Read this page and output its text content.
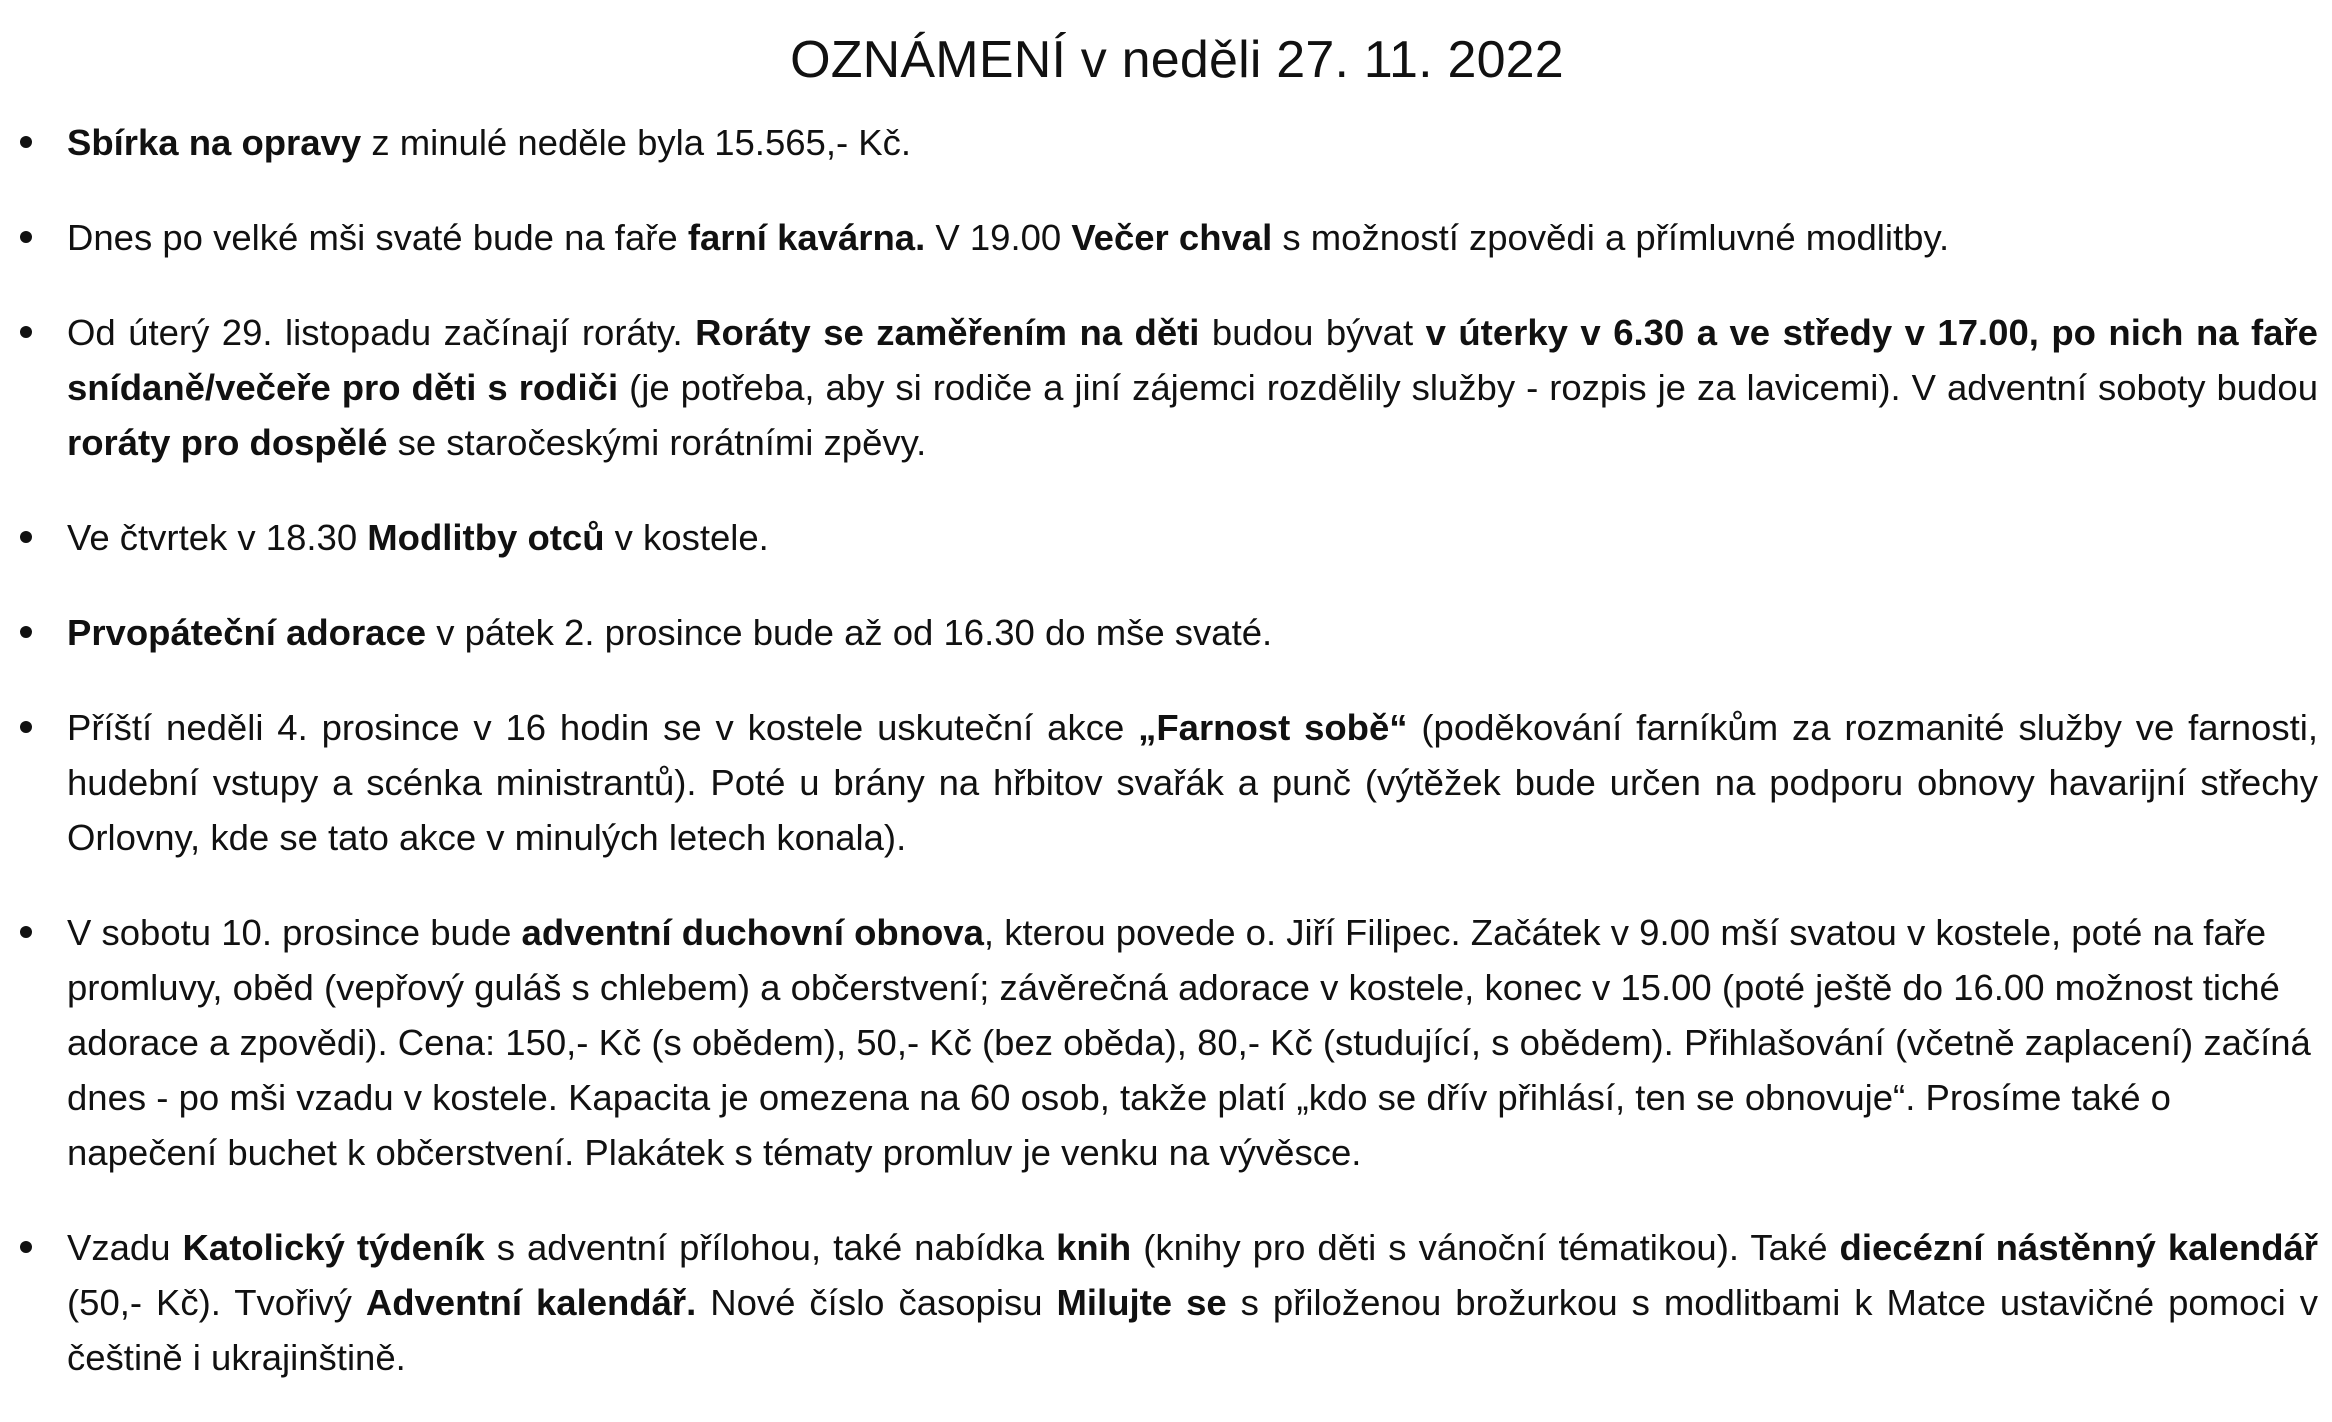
OZNÁMENÍ v neděli 27. 11. 2022
Sbírka na opravy z minulé neděle byla 15.565,- Kč.
Dnes po velké mši svaté bude na faře farní kavárna. V 19.00 Večer chval s možností zpovědi a přímluvné modlitby.
Od úterý 29. listopadu začínají roráty. Roráty se zaměřením na děti budou bývat v úterky v 6.30 a ve středy v 17.00, po nich na faře snídaně/večeře pro děti s rodiči (je potřeba, aby si rodiče a jiní zájemci rozdělily služby - rozpis je za lavicemi). V adventní soboty budou roráty pro dospělé se staročeskými rorátními zpěvy.
Ve čtvrtek v 18.30 Modlitby otců v kostele.
Prvopáteční adorace v pátek 2. prosince bude až od 16.30 do mše svaté.
Příští neděli 4. prosince v 16 hodin se v kostele uskuteční akce „Farnost sobě“ (poděkování farníkům za rozmanité služby ve farnosti, hudební vstupy a scénka ministrantů). Poté u brány na hřbitov svařák a punč (výtěžek bude určen na podporu obnovy havarijní střechy Orlovny, kde se tato akce v minulých letech konala).
V sobotu 10. prosince bude adventní duchovní obnova, kterou povede o. Jiří Filipec. Začátek v 9.00 mší svatou v kostele, poté na faře promluvy, oběd (vepřový guláš s chlebem) a občerstvení; závěrečná adorace v kostele, konec v 15.00 (poté ještě do 16.00 možnost tiché adorace a zpovědi). Cena: 150,- Kč (s obědem), 50,- Kč (bez oběda), 80,- Kč (studující, s obědem). Přihlašování (včetně zaplacení) začíná dnes - po mši vzadu v kostele. Kapacita je omezena na 60 osob, takže platí „kdo se dřív přihlásí, ten se obnovuje“. Prosíme také o napečení buchet k občerstvení. Plakátek s tématy promluv je venku na vývěsce.
Vzadu Katolický týdeník s adventní přílohou, také nabídka knih (knihy pro děti s vánoční tématikou). Také diecézní nástěnný kalendář (50,- Kč). Tvořivý Adventní kalendář. Nové číslo časopisu Milujte se s přiloženou brožurkou s modlitbami k Matce ustavičné pomoci v češtině i ukrajinštině.
